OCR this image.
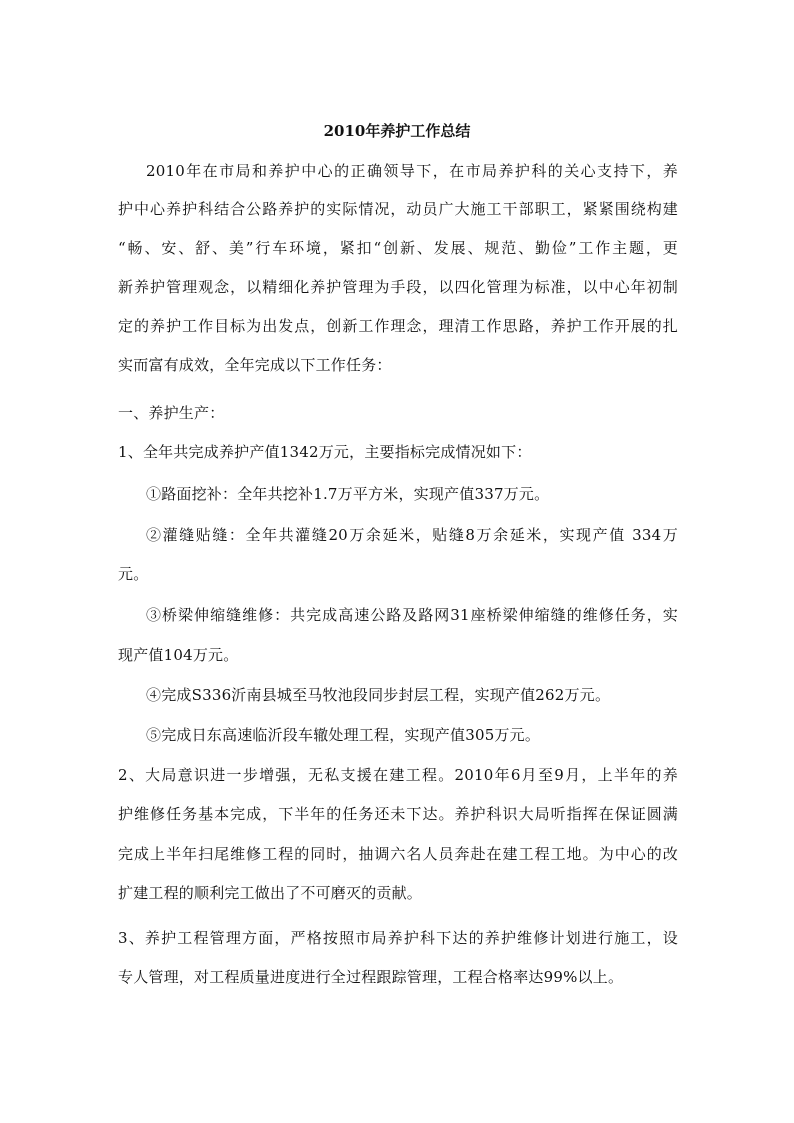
2010年养护工作总结
2010年在市局和养护中心的正确领导下，在市局养护科的关心支持下，养
护中心养护科结合公路养护的实际情况，动员广大施工干部职工，紧紧围绕构建
“畅、安、舒、美”行车环境，紧扣“创新、发展、规范、勤俭”工作主题，更
新养护管理观念，以精细化养护管理为手段，以四化管理为标准，以中心年初制
定的养护工作目标为出发点，创新工作理念，理清工作思路，养护工作开展的扎
实而富有成效，全年完成以下工作任务：
一、养护生产：
1、全年共完成养护产值1342万元，主要指标完成情况如下：
①路面挖补：全年共挖补1.7万平方米，实现产值337万元。
②灌缝贴缝：全年共灌缝20万余延米，贴缝8万余延米，实现产值 334万
元。
③桥梁伸缩缝维修：共完成高速公路及路网31座桥梁伸缩缝的维修任务，实
现产值104万元。
④完成S336沂南县城至马牧池段同步封层工程，实现产值262万元。
⑤完成日东高速临沂段车辙处理工程，实现产值305万元。
2、大局意识进一步增强，无私支援在建工程。2010年6月至9月，上半年的养
护维修任务基本完成，下半年的任务还未下达。养护科识大局听指挥在保证圆满
完成上半年扫尾维修工程的同时，抽调六名人员奔赴在建工程工地。为中心的改
扩建工程的顺利完工做出了不可磨灭的贡献。
3、养护工程管理方面，严格按照市局养护科下达的养护维修计划进行施工，设
专人管理，对工程质量进度进行全过程跟踪管理，工程合格率达99%以上。
